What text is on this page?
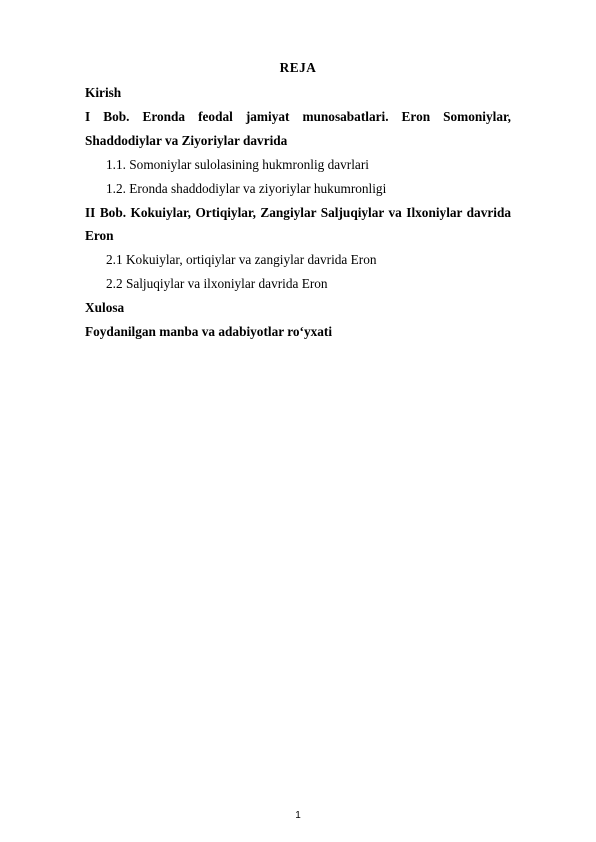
REJA
Kirish
I Bob. Eronda feodal jamiyat munosabatlari. Eron Somoniylar, Shaddodiylar va Ziyoriylar davrida
1.1. Somoniylar sulolasining hukmronlig davrlari
1.2. Eronda shaddodiylar va ziyoriylar hukumronligi
II Bob. Kokuiylar, Ortiqiylar, Zangiylar Saljuqiylar va Ilxoniylar davrida Eron
2.1 Kokuiylar, ortiqiylar va zangiylar davrida Eron
2.2 Saljuqiylar va ilxoniylar davrida Eron
Xulosa
Foydanilgan manba va adabiyotlar ro‘yxati
1
